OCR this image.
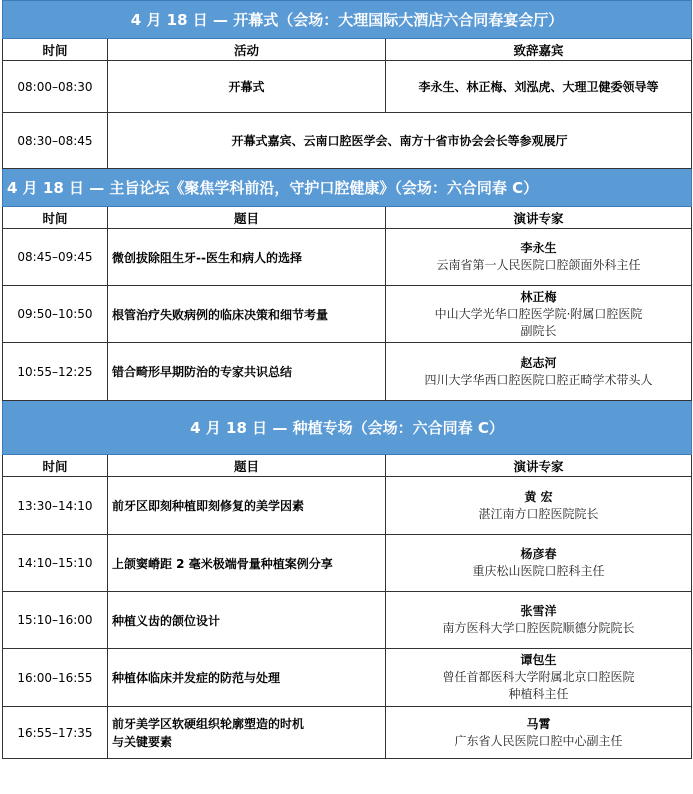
4 月 18 日 — 开幕式（会场：大理国际大酒店六合同春宴会厅）		
时间	活动	致辞嘉宾
08:00–08:30	开幕式	李永生、林正梅、刘泓虎、大理卫健委领导等
08:30–08:45	开幕式嘉宾、云南口腔医学会、南方十省市协会会长等参观展厅	
4 月 18 日 — 主旨论坛《聚焦学科前沿，守护口腔健康》（会场：六合同春 C）		
时间	题目	演讲专家
08:45–09:45	微创拔除阻生牙--医生和病人的选择	李永生
云南省第一人民医院口腔颌面外科主任

09:50–10:50	根管治疗失败病例的临床决策和细节考量	林正梅
中山大学光华口腔医学院·附属口腔医院
副院长

10:55–12:25	错合畸形早期防治的专家共识总结	赵志河
四川大学华西口腔医院口腔正畸学术带头人

4 月 18 日 — 种植专场（会场：六合同春 C）		
时间	题目	演讲专家
13:30–14:10	前牙区即刻种植即刻修复的美学因素	黄 宏
湛江南方口腔医院院长

14:10–15:10	上颌窦嵴距 2 毫米极端骨量种植案例分享	杨彦春
重庆松山医院口腔科主任

15:10–16:00	种植义齿的颌位设计	张雪洋
南方医科大学口腔医院顺德分院院长

16:00–16:55	种植体临床并发症的防范与处理	谭包生
曾任首都医科大学附属北京口腔医院
种植科主任

16:55–17:35	前牙美学区软硬组织轮廓塑造的时机
与关键要素	马霄
广东省人民医院口腔中心副主任
